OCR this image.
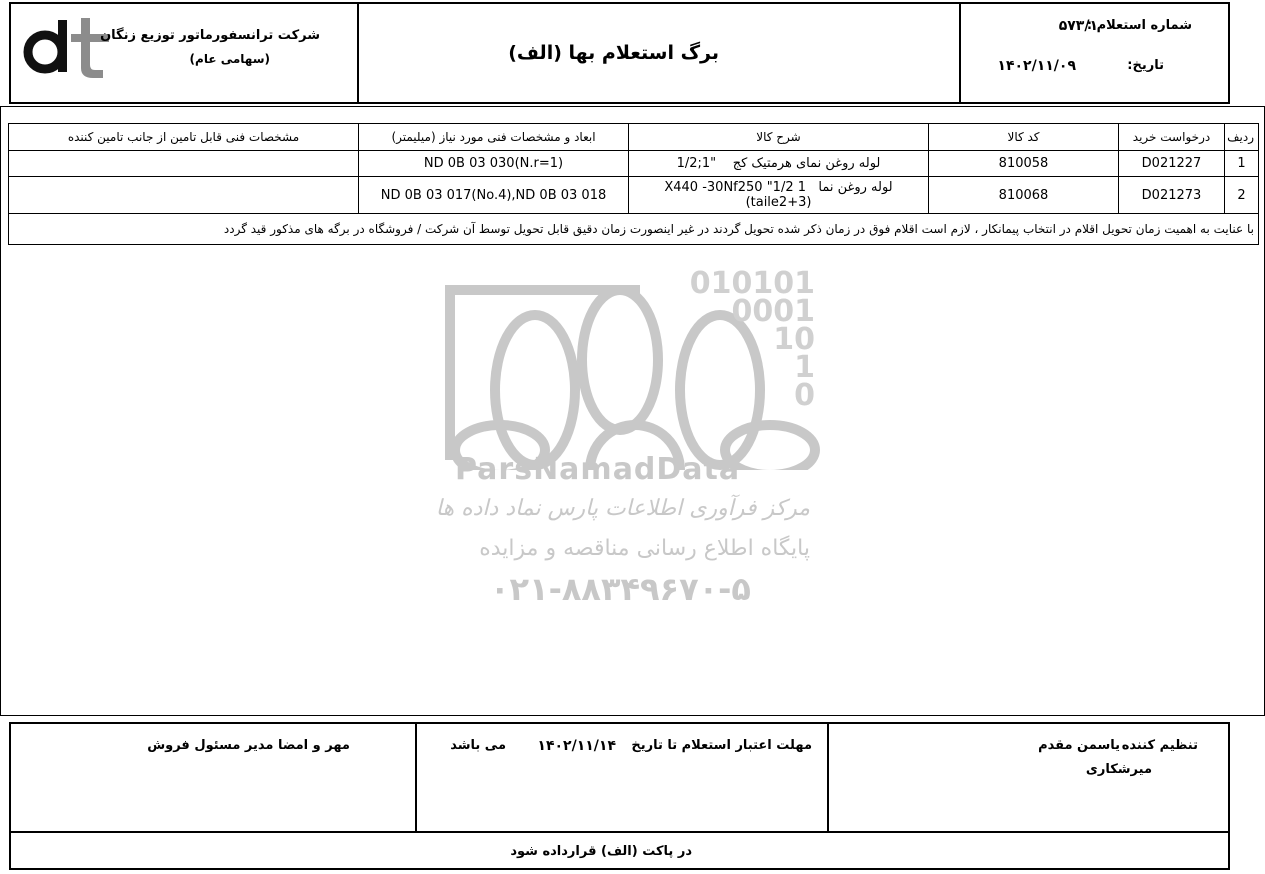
شرکت ترانسفورماتور توزیع زنگان
(سهامی عام)	برگ استعلام بها (الف)
شماره استعلام :
۵۷۳/۱
تاریخ:
۱۴۰۲/۱۱/۰۹
ردیف	درخواست خرید	کد کالا	شرح کالا	ابعاد و مشخصات فنی مورد نیاز (میلیمتر)	مشخصات فنی قابل تامین از جانب تامین کننده
1	D021227	810058	لوله روغن نمای هرمتیک کج    1/2;1"	ND 0B 03 030(N.r=1)	
2	D021273	810068	لوله روغن نما   X440 -30Nf250 "1/2 1
(taile2+3)	ND 0B 03 017(No.4),ND 0B 03 018	
با عنایت به اهمیت زمان تحویل اقلام در انتخاب پیمانکار ، لازم است اقلام فوق در زمان ذکر شده تحویل گردند در غیر اینصورت زمان دقیق قابل تحویل توسط آن شرکت / فروشگاه در برگه های مذکور قید گردد					
010101
0001
10
1
0
ParsNamadData
مرکز فرآوری اطلاعات پارس نماد داده ها
پایگاه اطلاع رسانی مناقصه و مزایده
۰۲۱-۸۸۳۴۹۶۷۰-۵
تنظیم کننده
یاسمن مقدم
میرشکاری
مهلت اعتبار استعلام تا تاریخ
۱۴۰۲/۱۱/۱۴
می باشد
مهر و امضا مدیر مسئول فروش
در پاکت (الف) قرارداده شود
